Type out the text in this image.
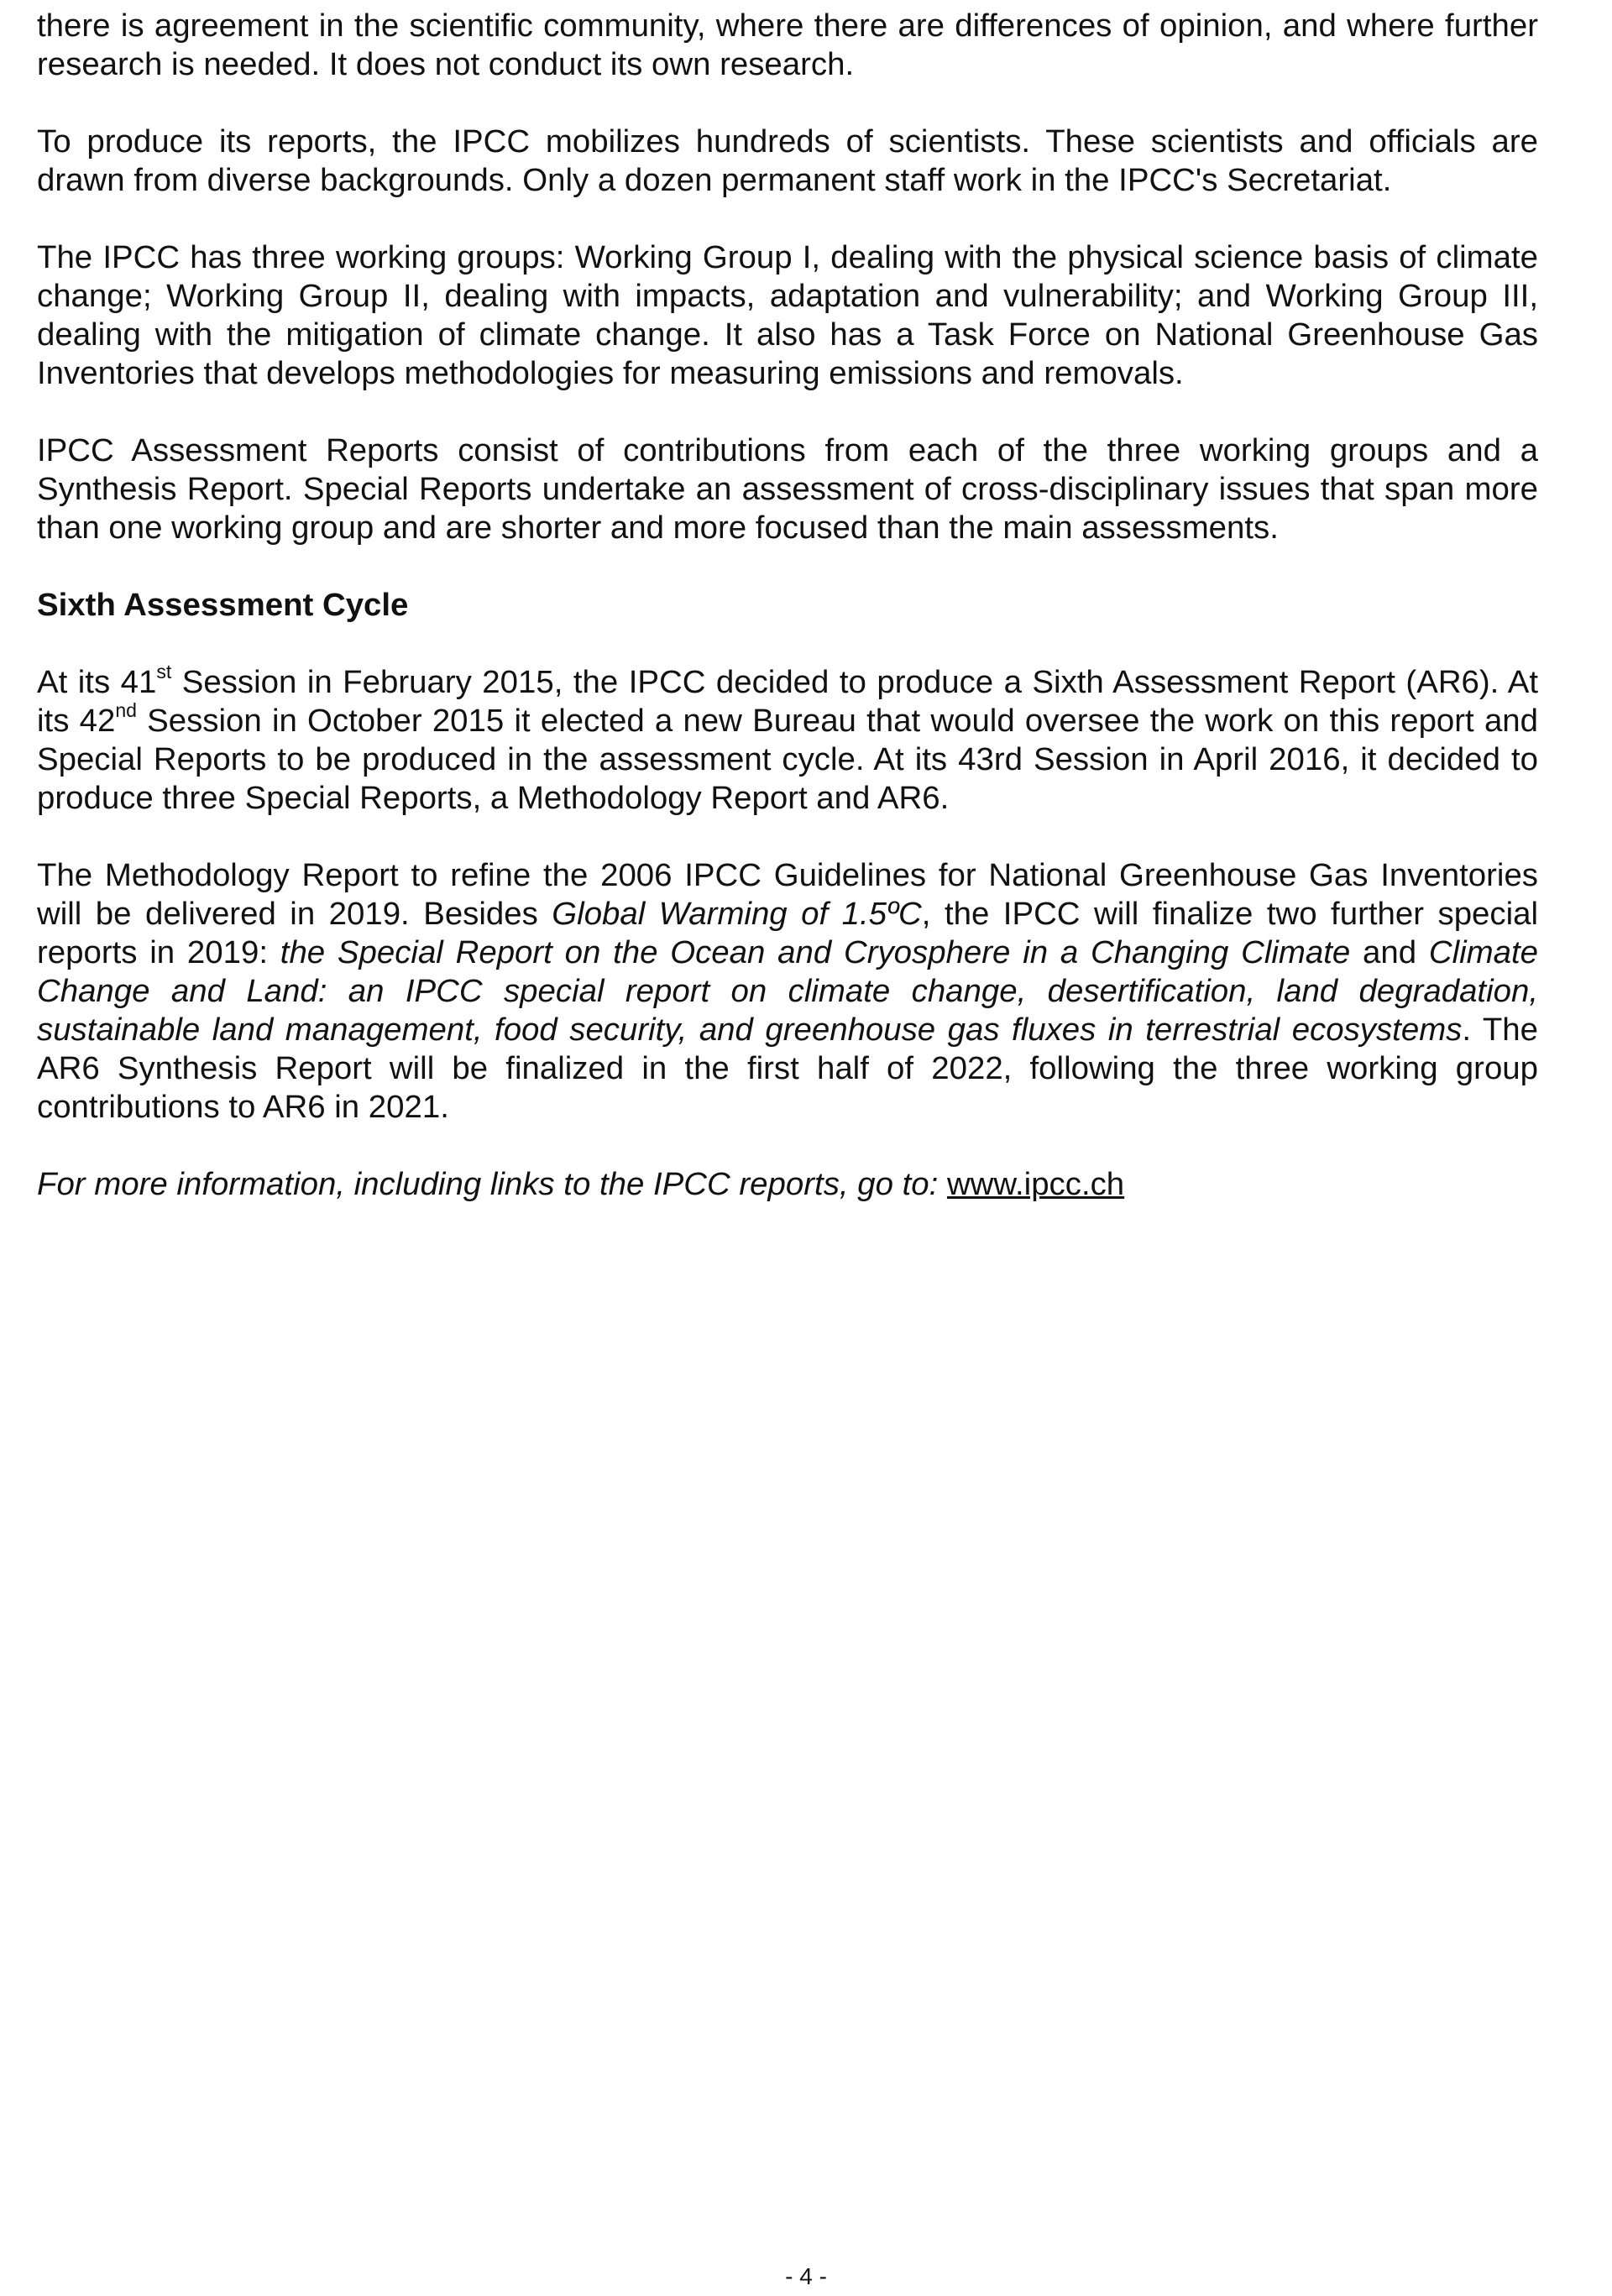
there is agreement in the scientific community, where there are differences of opinion, and where further research is needed. It does not conduct its own research.

To produce its reports, the IPCC mobilizes hundreds of scientists. These scientists and officials are drawn from diverse backgrounds. Only a dozen permanent staff work in the IPCC's Secretariat.

The IPCC has three working groups: Working Group I, dealing with the physical science basis of climate change; Working Group II, dealing with impacts, adaptation and vulnerability; and Working Group III, dealing with the mitigation of climate change. It also has a Task Force on National Greenhouse Gas Inventories that develops methodologies for measuring emissions and removals.

IPCC Assessment Reports consist of contributions from each of the three working groups and a Synthesis Report. Special Reports undertake an assessment of cross-disciplinary issues that span more than one working group and are shorter and more focused than the main assessments.

Sixth Assessment Cycle

At its 41st Session in February 2015, the IPCC decided to produce a Sixth Assessment Report (AR6). At its 42nd Session in October 2015 it elected a new Bureau that would oversee the work on this report and Special Reports to be produced in the assessment cycle. At its 43rd Session in April 2016, it decided to produce three Special Reports, a Methodology Report and AR6.

The Methodology Report to refine the 2006 IPCC Guidelines for National Greenhouse Gas Inventories will be delivered in 2019. Besides Global Warming of 1.5ºC, the IPCC will finalize two further special reports in 2019: the Special Report on the Ocean and Cryosphere in a Changing Climate and Climate Change and Land: an IPCC special report on climate change, desertification, land degradation, sustainable land management, food security, and greenhouse gas fluxes in terrestrial ecosystems. The AR6 Synthesis Report will be finalized in the first half of 2022, following the three working group contributions to AR6 in 2021.

For more information, including links to the IPCC reports, go to: www.ipcc.ch

- 4 -
